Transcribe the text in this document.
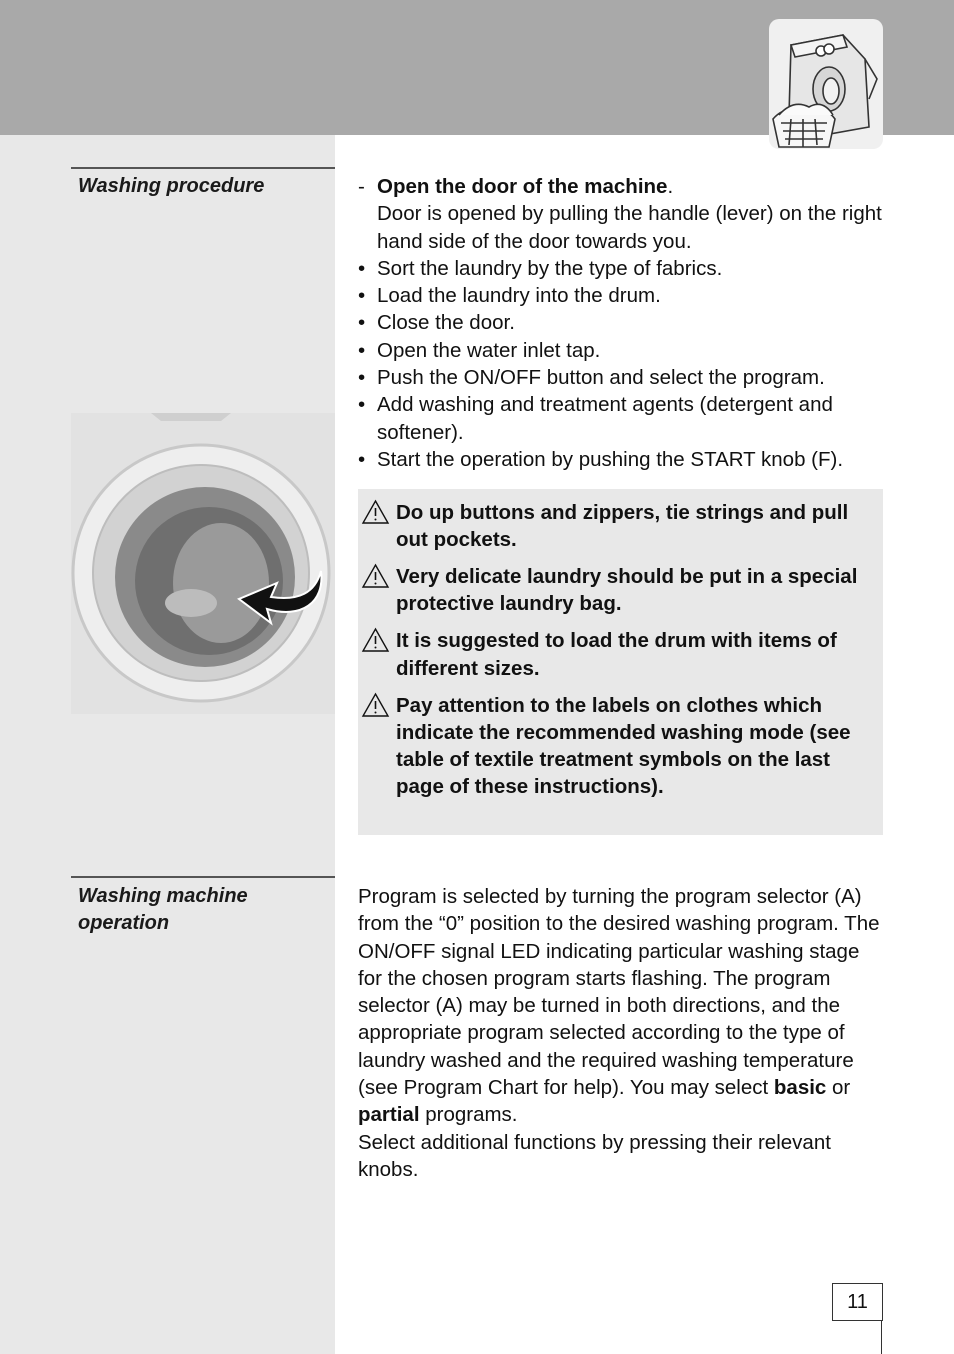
Washing procedure	- Open the door of the machine.
Door is opened by pulling the handle (lever) on the right hand side of the door towards you.
• Sort the laundry by the type of fabrics.
• Load the laundry into the drum.
• Close the door.
• Open the water inlet tap.
• Push the ON/OFF button and select the program.
• Add washing and treatment agents (detergent and softener).
• Start the operation by pushing the START knob (F).
Do up buttons and zippers, tie strings and pull out pockets.
Very delicate laundry should be put in a special protective laundry bag.
It is suggested to load the drum with items of different sizes.
Pay attention to the labels on clothes which indicate the recommended washing mode (see table of textile treatment symbols on the last page of these instructions).
Washing machine operation
Program is selected by turning the program selector (A) from the “0” position to the desired washing program. The ON/OFF signal LED indicating particular washing stage for the chosen program starts flashing. The program selector (A) may be turned in both directions, and the appropriate program selected according to the type of laundry washed and the required washing temperature (see Program Chart for help). You may select basic or partial programs.
Select additional functions by pressing their relevant knobs.
11
